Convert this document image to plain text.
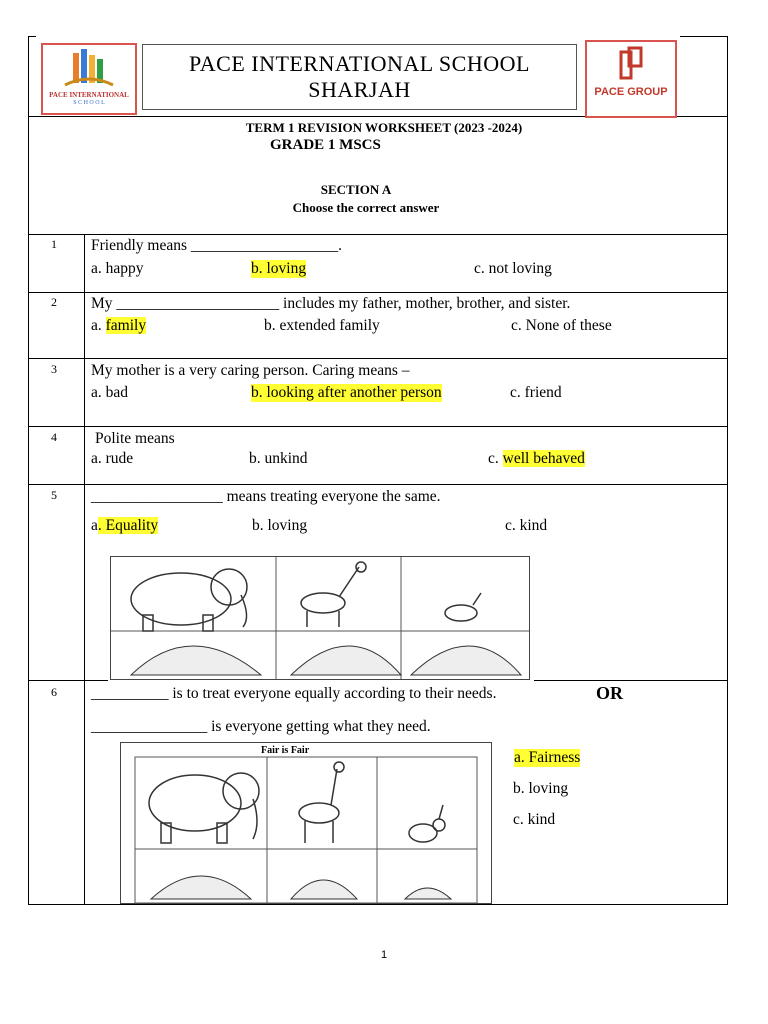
PACE INTERNATIONAL
S C H O O L
PACE INTERNATIONAL SCHOOL
SHARJAH	PACE GROUP
TERM 1 REVISION WORKSHEET (2023 -2024)
GRADE 1 MSCS
SECTION A
Choose the correct answer
1 Friendly means ___________________.
a. happy	b. loving	c. not loving
2 My _____________________ includes my father, mother, brother, and sister.
a. family	b. extended family	c. None of these
3 My mother is a very caring person. Caring means –
a. bad	b. looking after another person	c. friend
4 Polite means
a. rude	b. unkind	c. well behaved
5 _________________ means treating everyone the same.
a. Equality	b. loving	c. kind
6 __________ is to treat everyone equally according to their needs.	OR
_______________ is everyone getting what they need.
a. Fairness
b. loving
c. kind
Fair is Fair
1
